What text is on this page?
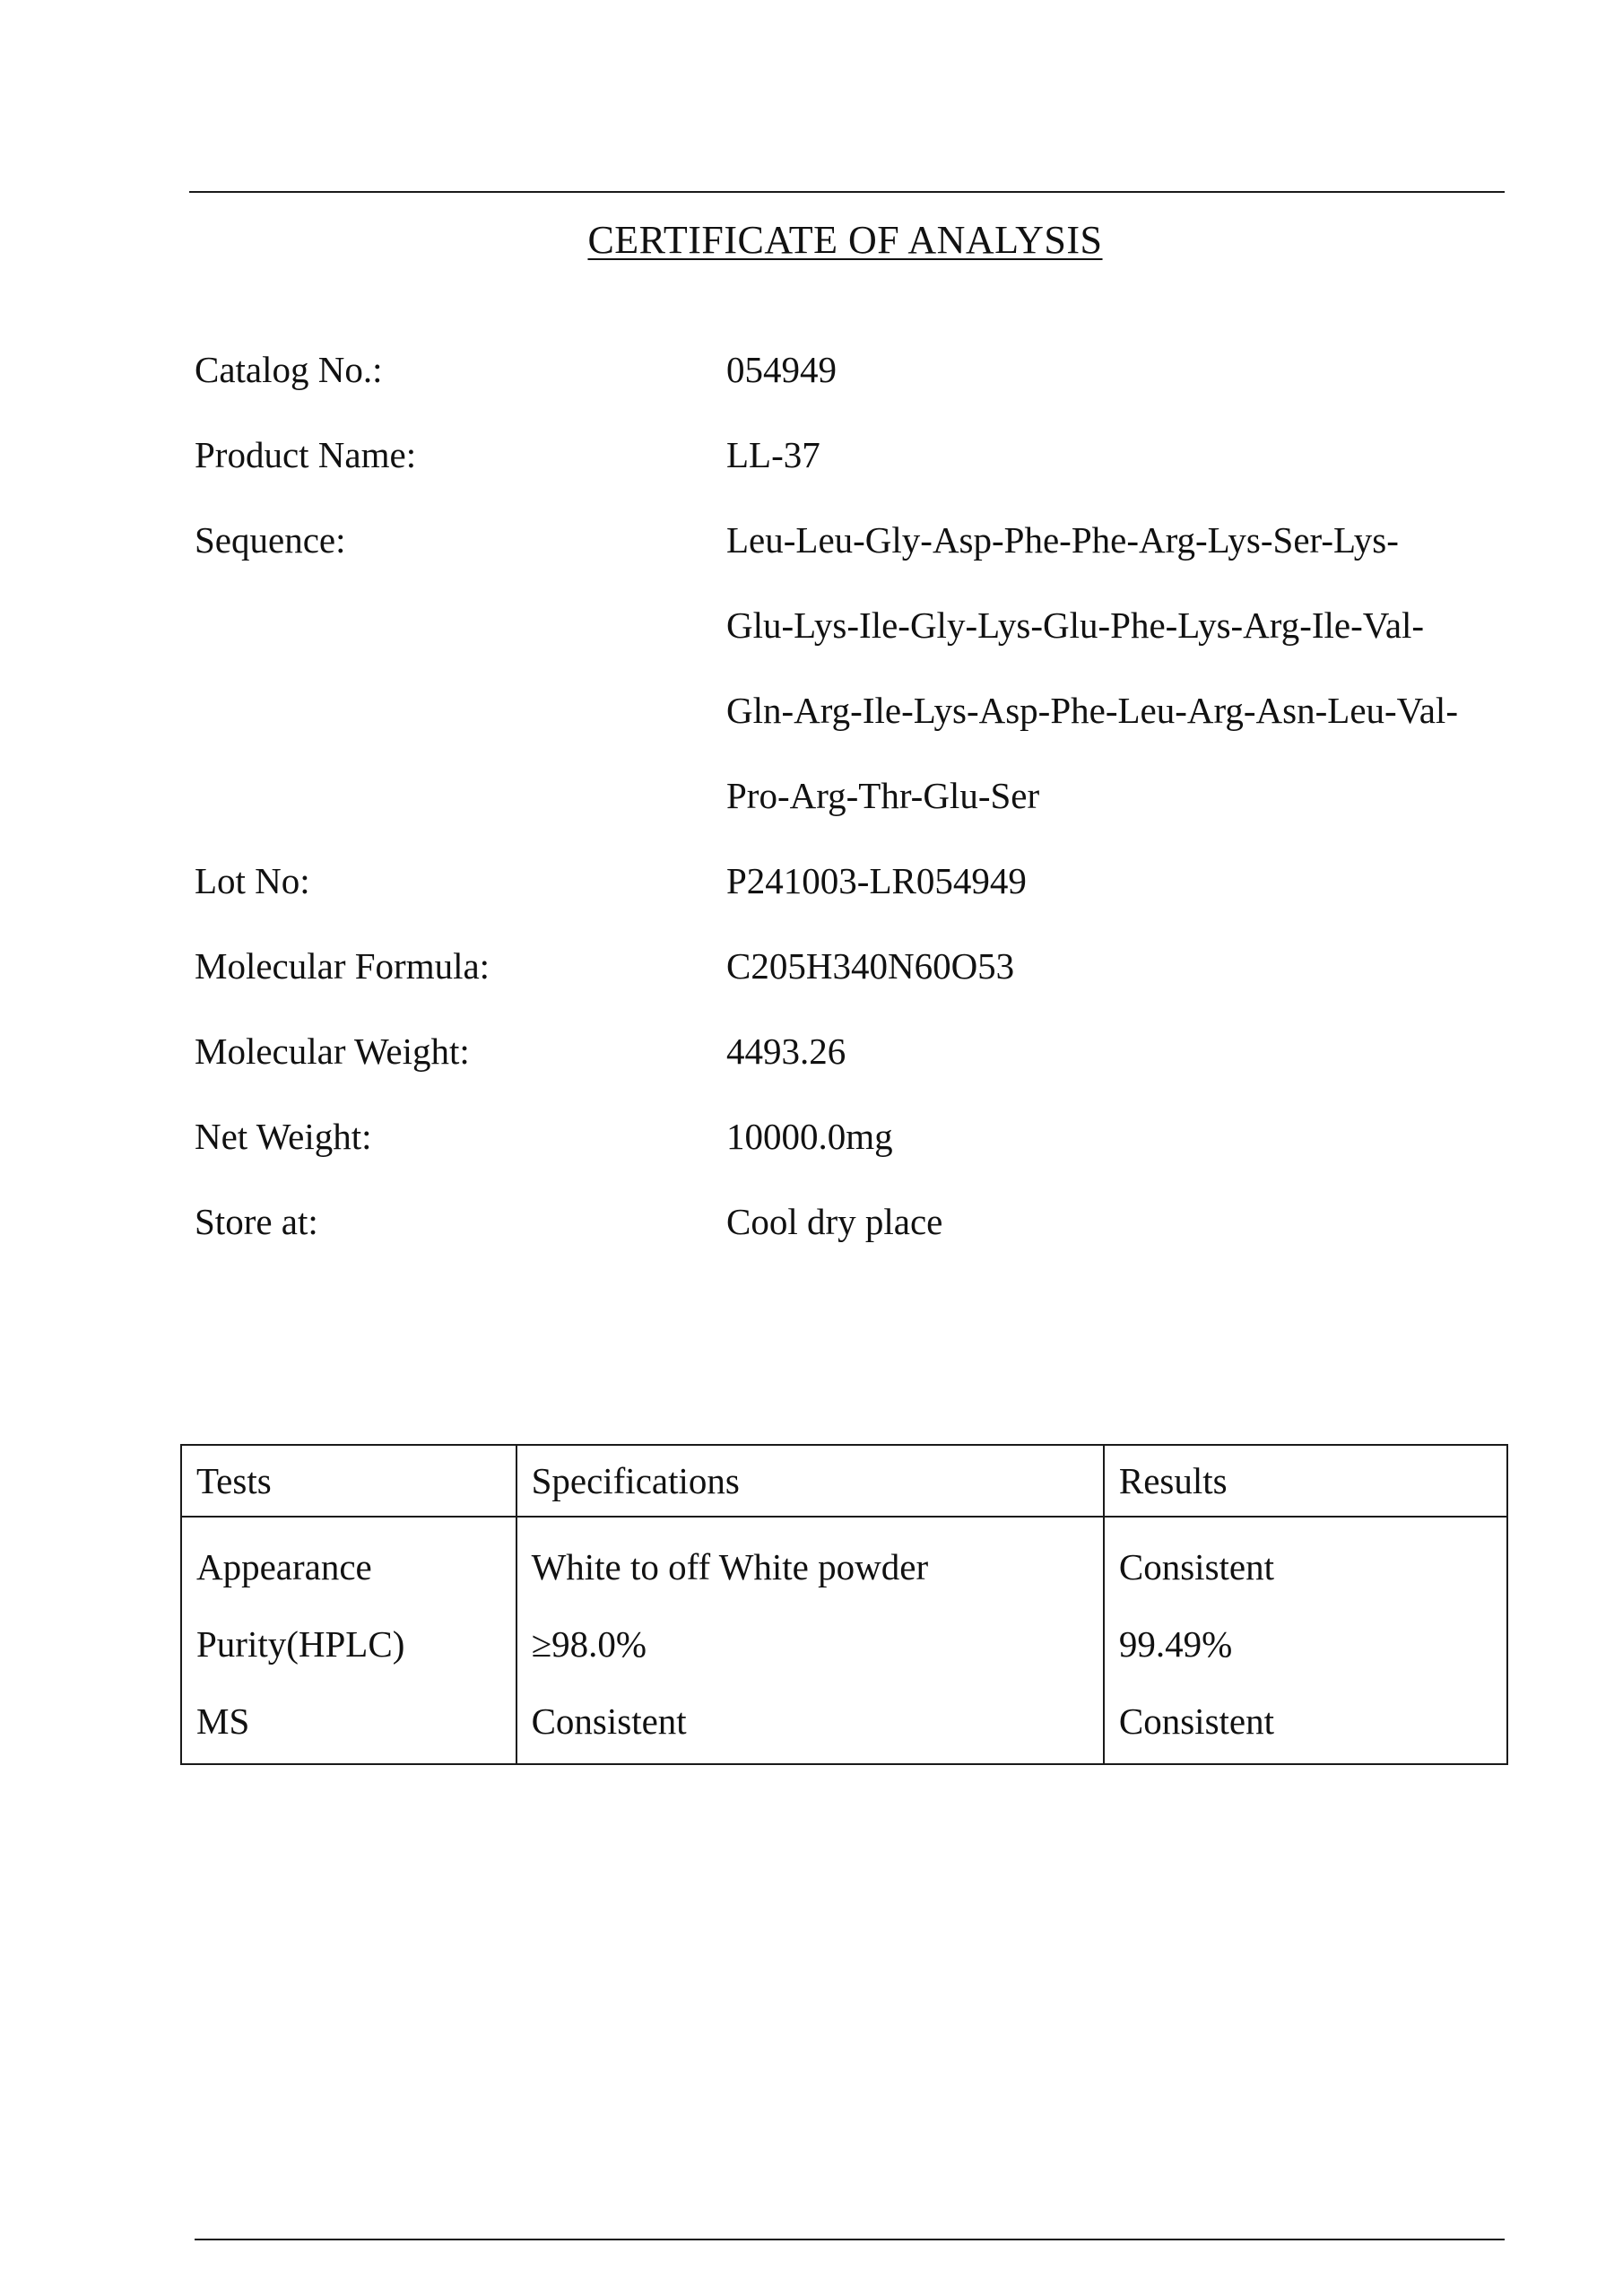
CERTIFICATE OF ANALYSIS
Catalog No.:	054949
Product Name:	LL-37
Sequence:	Leu-Leu-Gly-Asp-Phe-Phe-Arg-Lys-Ser-Lys-
Glu-Lys-Ile-Gly-Lys-Glu-Phe-Lys-Arg-Ile-Val-
Gln-Arg-Ile-Lys-Asp-Phe-Leu-Arg-Asn-Leu-Val-
Pro-Arg-Thr-Glu-Ser
Lot No:	P241003-LR054949
Molecular Formula:	C205H340N60O53
Molecular Weight:	4493.26
Net Weight:	10000.0mg
Store at:	Cool dry place
Tests	Specifications	Results
Appearance	White to off White powder	Consistent
Purity(HPLC)	≥98.0%	99.49%
MS	Consistent	Consistent
